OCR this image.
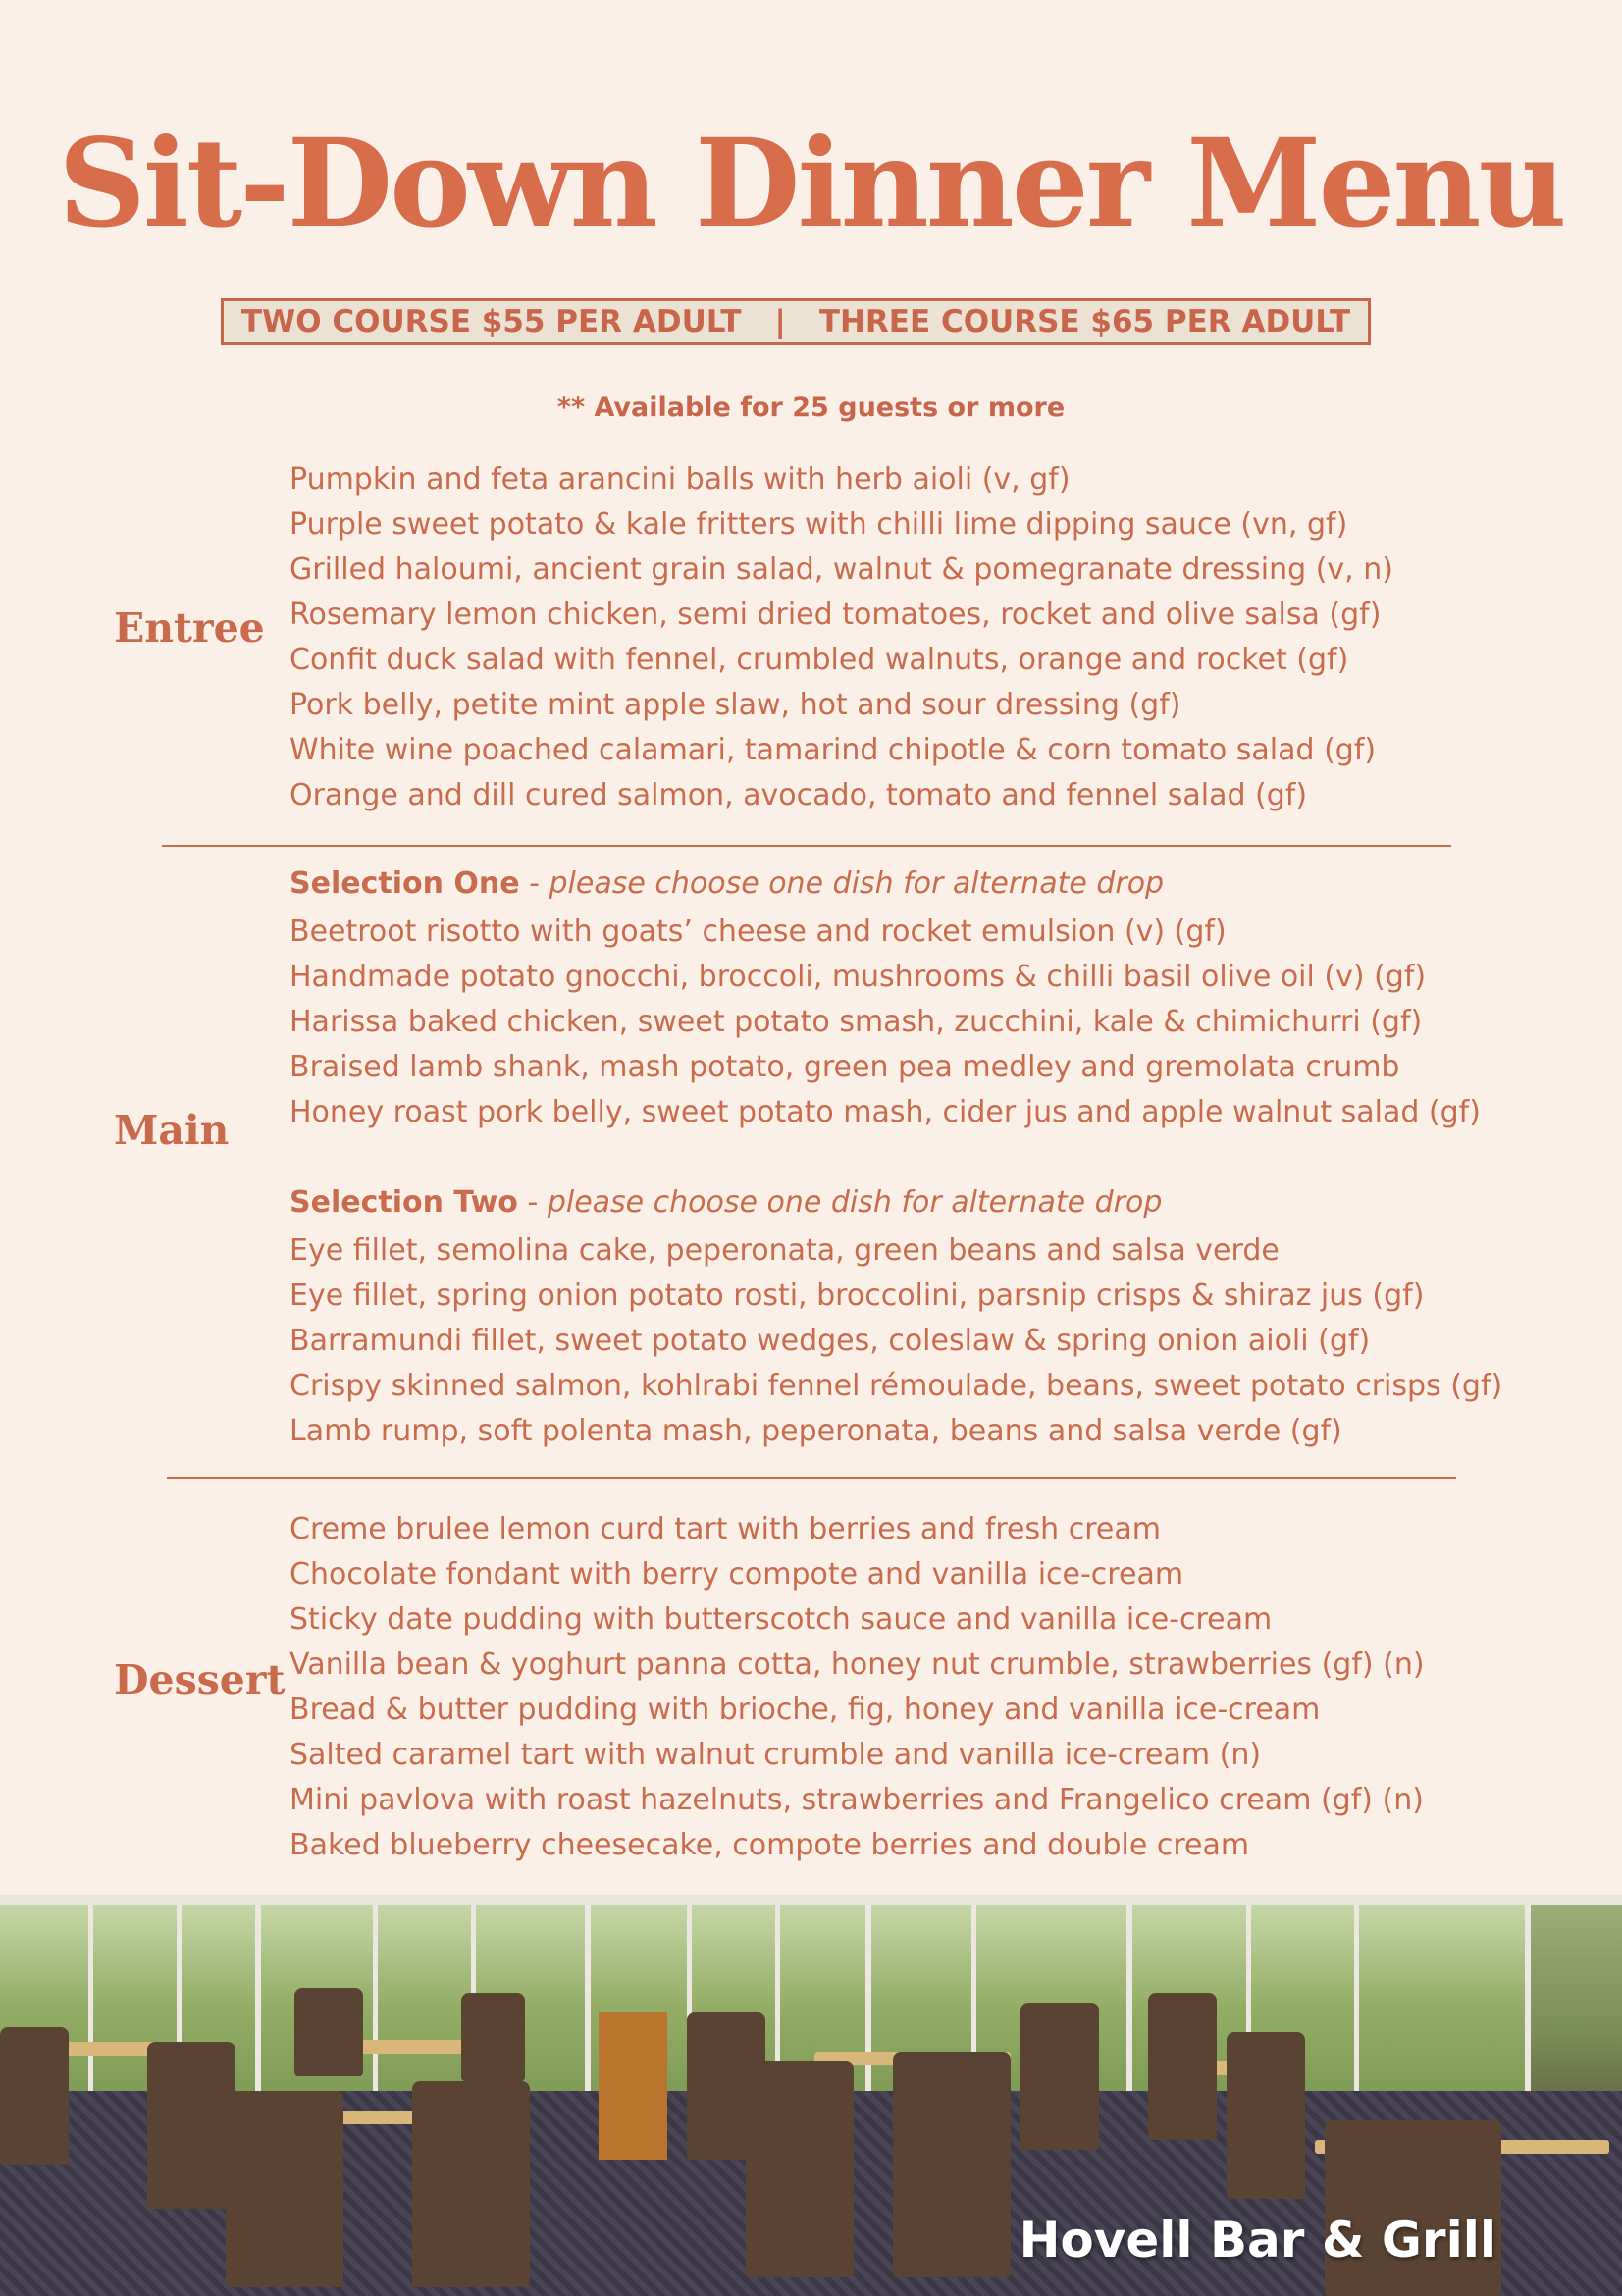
Sit-Down Dinner Menu
TWO COURSE $55 PER ADULT | THREE COURSE $65 PER ADULT
** Available for 25 guests or more
Entree
Pumpkin and feta arancini balls with herb aioli (v, gf)
Purple sweet potato & kale fritters with chilli lime dipping sauce (vn, gf)
Grilled haloumi, ancient grain salad, walnut & pomegranate dressing (v, n)
Rosemary lemon chicken, semi dried tomatoes, rocket and olive salsa (gf)
Confit duck salad with fennel, crumbled walnuts, orange and rocket (gf)
Pork belly, petite mint apple slaw, hot and sour dressing (gf)
White wine poached calamari, tamarind chipotle & corn tomato salad (gf)
Orange and dill cured salmon, avocado, tomato and fennel salad (gf)
Main
Selection One - please choose one dish for alternate drop
Beetroot risotto with goats’ cheese and rocket emulsion (v) (gf)
Handmade potato gnocchi, broccoli, mushrooms & chilli basil olive oil (v) (gf)
Harissa baked chicken, sweet potato smash, zucchini, kale & chimichurri (gf)
Braised lamb shank, mash potato, green pea medley and gremolata crumb
Honey roast pork belly, sweet potato mash, cider jus and apple walnut salad (gf)
Selection Two - please choose one dish for alternate drop
Eye fillet, semolina cake, peperonata, green beans and salsa verde
Eye fillet, spring onion potato rosti, broccolini, parsnip crisps & shiraz jus (gf)
Barramundi fillet, sweet potato wedges, coleslaw & spring onion aioli (gf)
Crispy skinned salmon, kohlrabi fennel rémoulade, beans, sweet potato crisps (gf)
Lamb rump, soft polenta mash, peperonata, beans and salsa verde (gf)
Dessert
Creme brulee lemon curd tart with berries and fresh cream
Chocolate fondant with berry compote and vanilla ice-cream
Sticky date pudding with butterscotch sauce and vanilla ice-cream
Vanilla bean & yoghurt panna cotta, honey nut crumble, strawberries (gf) (n)
Bread & butter pudding with brioche, fig, honey and vanilla ice-cream
Salted caramel tart with walnut crumble and vanilla ice-cream (n)
Mini pavlova with roast hazelnuts, strawberries and Frangelico cream (gf) (n)
Baked blueberry cheesecake, compote berries and double cream
Hovell Bar & Grill
